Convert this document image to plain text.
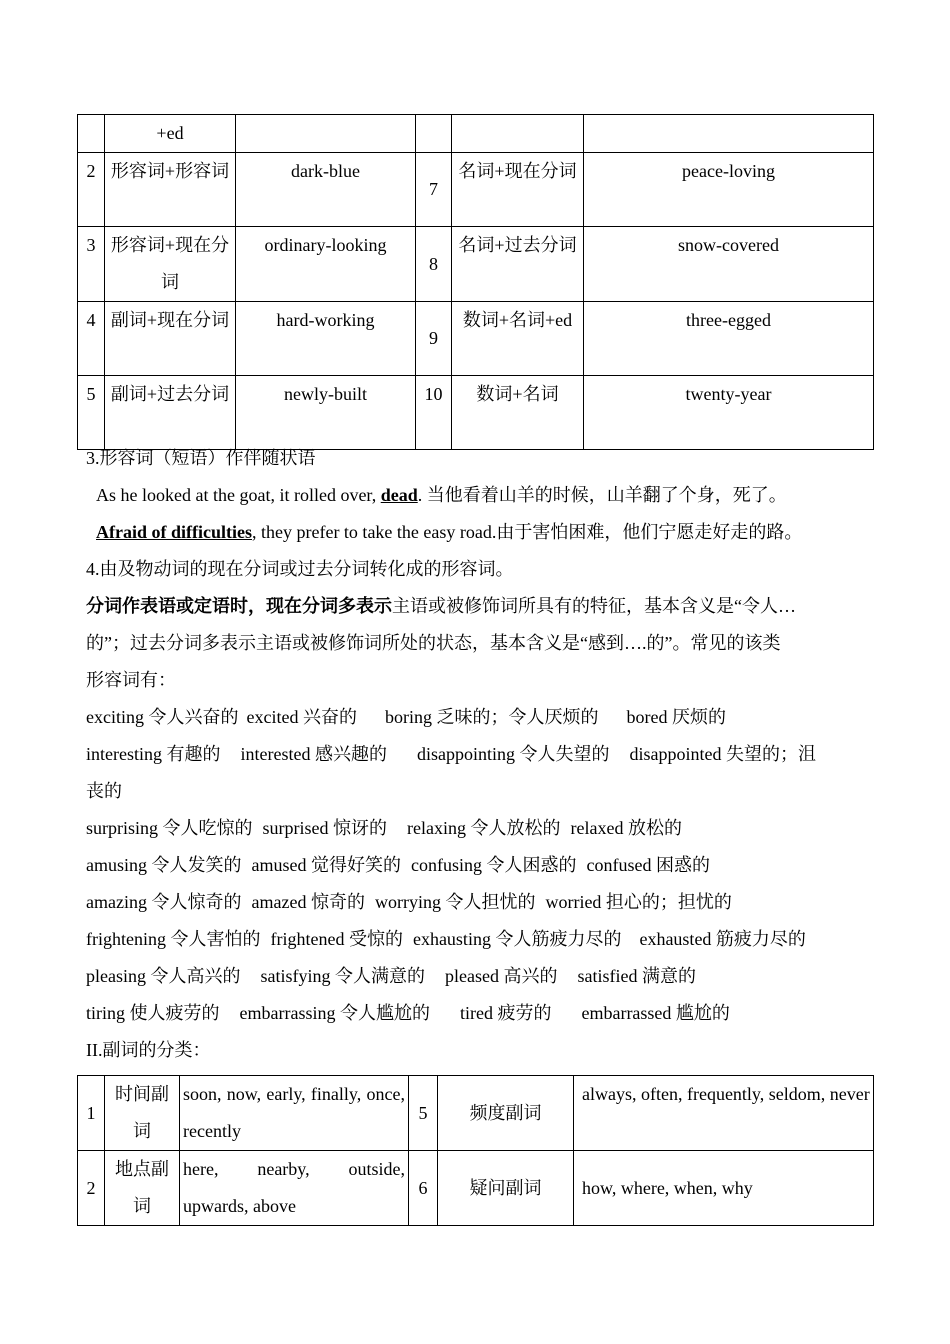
	+ed				
2	形容词+形容词	dark-blue	7	名词+现在分词	peace-loving
3	形容词+现在分词	ordinary-looking	8	名词+过去分词	snow-covered
4	副词+现在分词	hard-working	9	数词+名词+ed	three-egged
5	副词+过去分词	newly-built	10	数词+名词	twenty-year
3.形容词（短语）作伴随状语
As he looked at the goat, it rolled over, dead. 当他看着山羊的时候，山羊翻了个身，死了。
Afraid of difficulties, they prefer to take the easy road.由于害怕困难，他们宁愿走好走的路。
4.由及物动词的现在分词或过去分词转化成的形容词。
分词作表语或定语时，现在分词多表示主语或被修饰词所具有的特征，基本含义是“令人…
的”；过去分词多表示主语或被修饰词所处的状态，基本含义是“感到….的”。常见的该类
形容词有：
exciting 令人兴奋的 excited 兴奋的 boring 乏味的；令人厌烦的 bored 厌烦的
interesting 有趣的 interested 感兴趣的 disappointing 令人失望的 disappointed 失望的；沮
丧的
surprising 令人吃惊的 surprised 惊讶的 relaxing 令人放松的 relaxed 放松的
amusing 令人发笑的 amused 觉得好笑的 confusing 令人困惑的 confused 困惑的
amazing 令人惊奇的 amazed 惊奇的 worrying 令人担忧的 worried 担心的；担忧的
frightening 令人害怕的 frightened 受惊的 exhausting 令人筋疲力尽的 exhausted 筋疲力尽的
pleasing 令人高兴的 satisfying 令人满意的 pleased 高兴的 satisfied 满意的
tiring 使人疲劳的 embarrassing 令人尴尬的 tired 疲劳的 embarrassed 尴尬的
II.副词的分类：
1	时间副词	soon, now, early, finally, once, recently	5	频度副词	always, often, frequently, seldom, never
2	地点副词	here, nearby, outside, upwards, above	6	疑问副词	how, where, when, why
